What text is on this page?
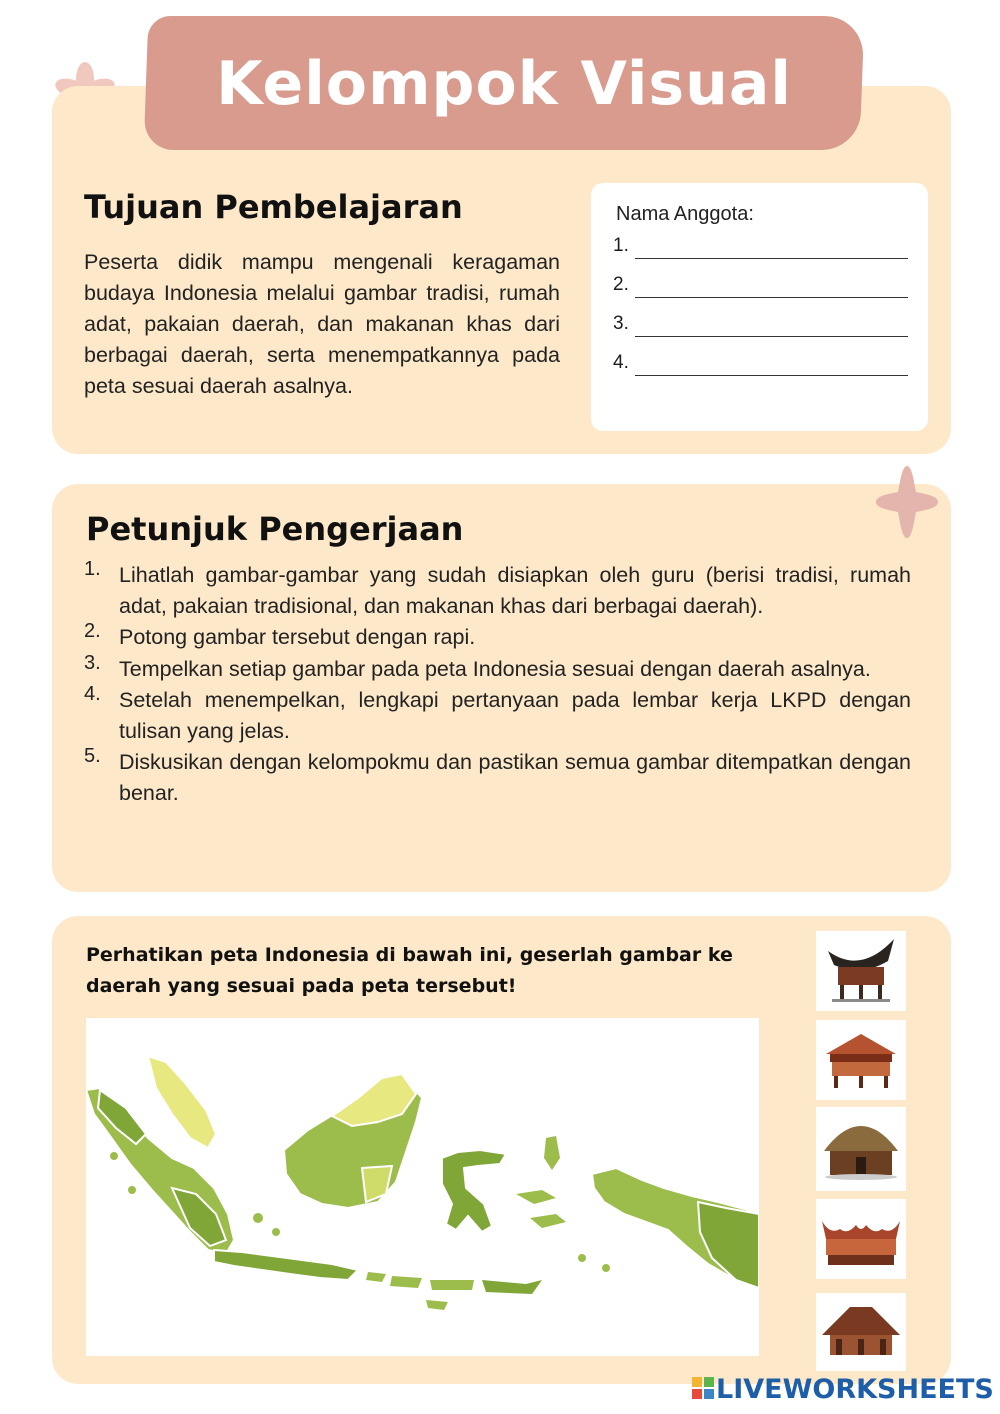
Kelompok Visual
Tujuan Pembelajaran

Peserta didik mampu mengenali keragaman budaya Indonesia melalui gambar tradisi, rumah adat, pakaian daerah, dan makanan khas dari berbagai daerah, serta menempatkannya pada peta sesuai daerah asalnya.

Nama Anggota:
1.
2.
3.
4.
Petunjuk Pengerjaan
1. Lihatlah gambar-gambar yang sudah disiapkan oleh guru (berisi tradisi, rumah adat, pakaian tradisional, dan makanan khas dari berbagai daerah).
2. Potong gambar tersebut dengan rapi.
3. Tempelkan setiap gambar pada peta Indonesia sesuai dengan daerah asalnya.
4. Setelah menempelkan, lengkapi pertanyaan pada lembar kerja LKPD dengan tulisan yang jelas.
5. Diskusikan dengan kelompokmu dan pastikan semua gambar ditempatkan dengan benar.

Perhatikan peta Indonesia di bawah ini, geserlah gambar ke daerah yang sesuai pada peta tersebut!

LIVEWORKSHEETS
